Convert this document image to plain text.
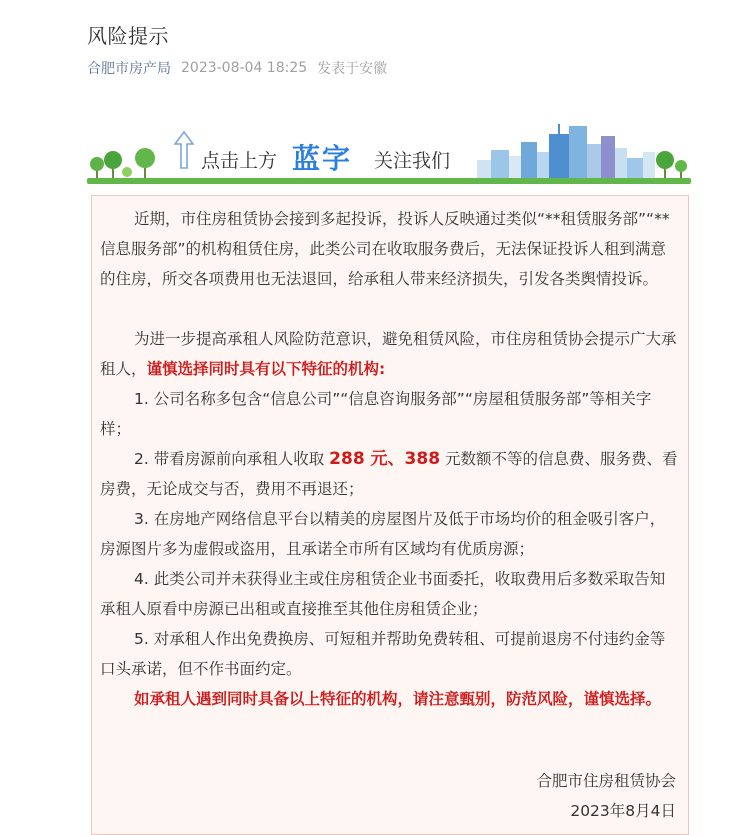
风险提示
合肥市房产局 2023-08-04 18:25 发表于安徽
点击上方 蓝字 关注我们

近期，市住房租赁协会接到多起投诉，投诉人反映通过类似“**租赁服务部”“**信息服务部”的机构租赁住房，此类公司在收取服务费后，无法保证投诉人租到满意的住房，所交各项费用也无法退回，给承租人带来经济损失，引发各类舆情投诉。

为进一步提高承租人风险防范意识，避免租赁风险，市住房租赁协会提示广大承租人，谨慎选择同时具有以下特征的机构:

1. 公司名称多包含“信息公司”“信息咨询服务部”“房屋租赁服务部”等相关字样；

2. 带看房源前向承租人收取 288 元、388 元数额不等的信息费、服务费、看房费，无论成交与否，费用不再退还；

3. 在房地产网络信息平台以精美的房屋图片及低于市场均价的租金吸引客户，房源图片多为虚假或盗用，且承诺全市所有区域均有优质房源；

4. 此类公司并未获得业主或住房租赁企业书面委托，收取费用后多数采取告知承租人原看中房源已出租或直接推至其他住房租赁企业；

5. 对承租人作出免费换房、可短租并帮助免费转租、可提前退房不付违约金等口头承诺，但不作书面约定。

如承租人遇到同时具备以上特征的机构，请注意甄别，防范风险，谨慎选择。

合肥市住房租赁协会
2023年8月4日
